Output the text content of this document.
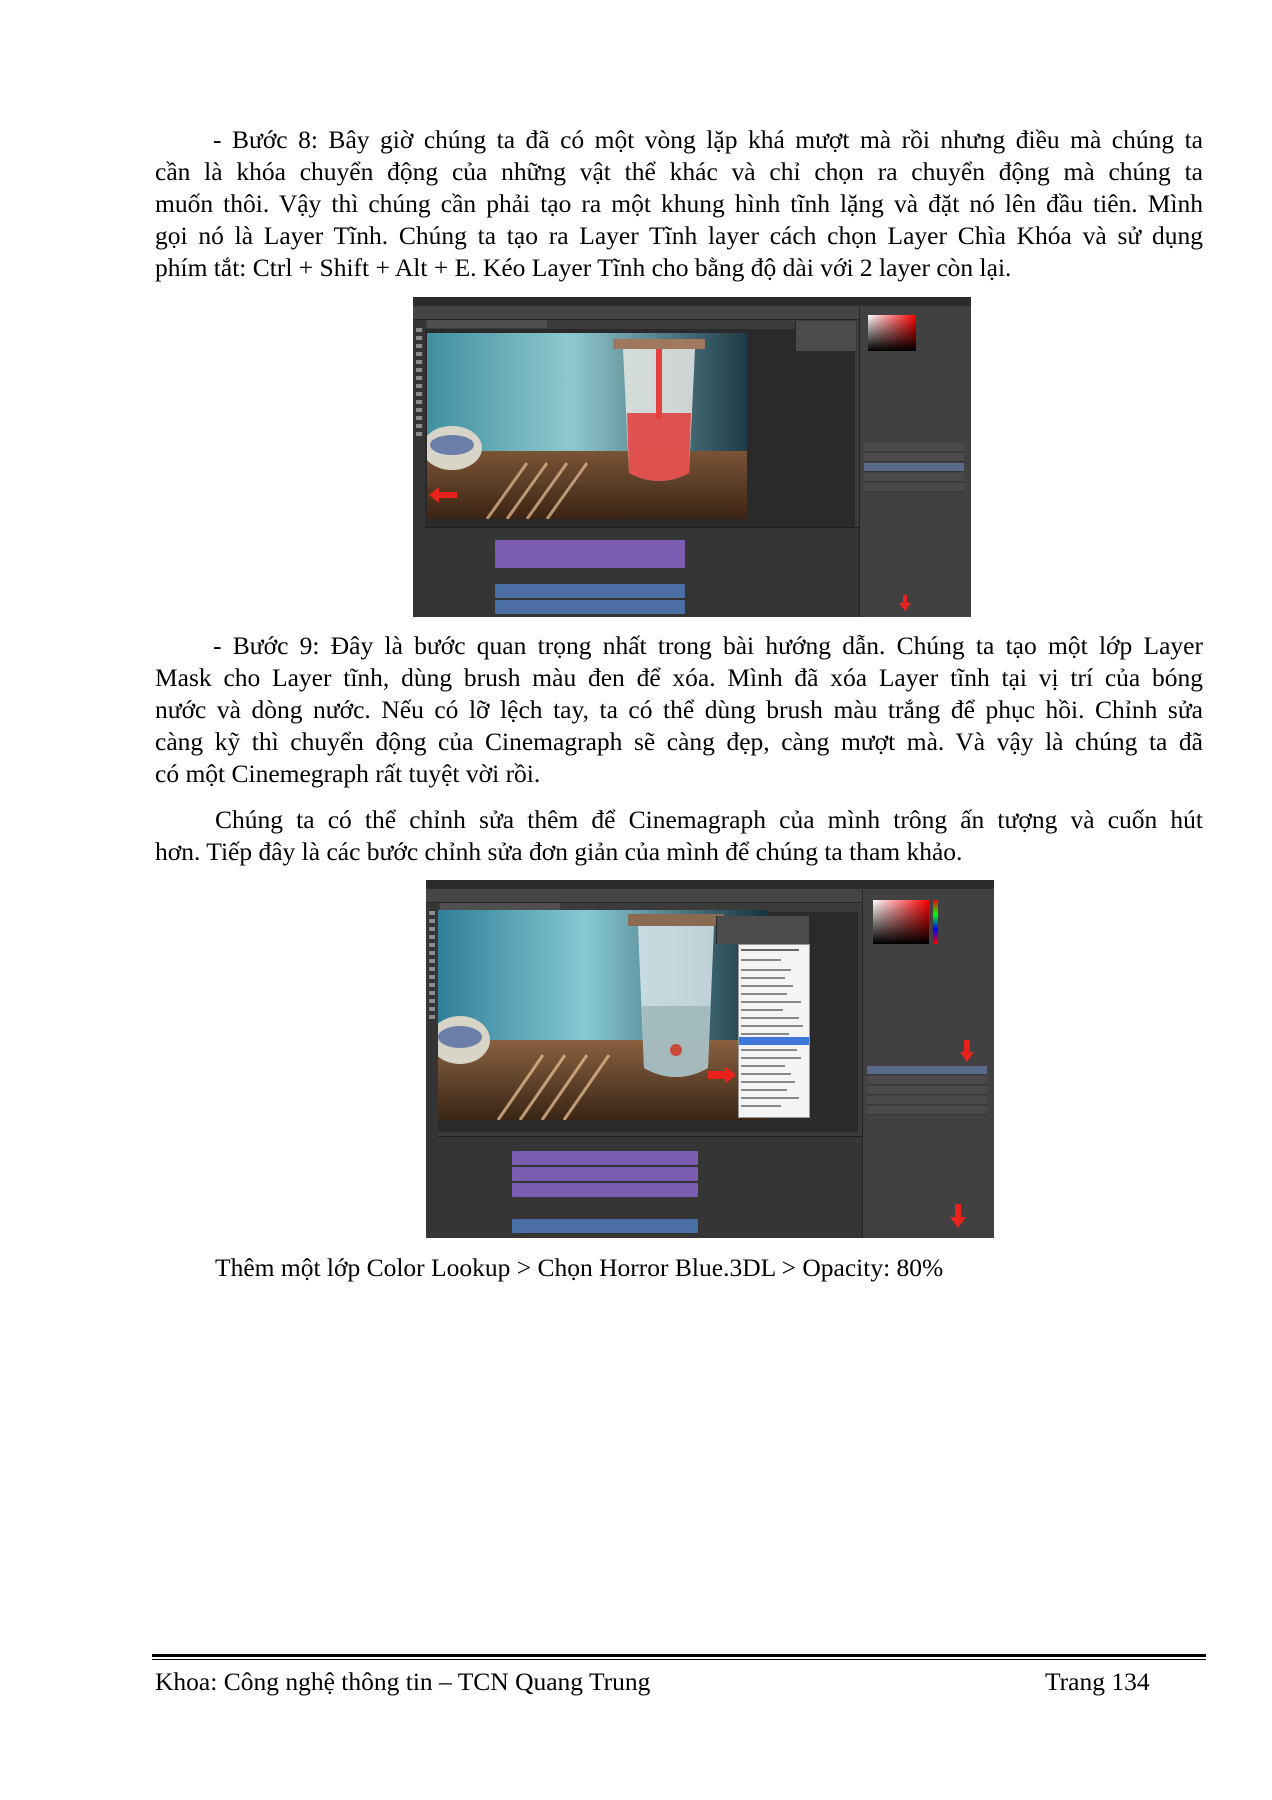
- Bước 8: Bây giờ chúng ta đã có một vòng lặp khá mượt mà rồi nhưng điều mà chúng ta
cần là khóa chuyển động của những vật thể khác và chỉ chọn ra chuyển động mà chúng ta
muốn thôi. Vậy thì chúng cần phải tạo ra một khung hình tĩnh lặng và đặt nó lên đầu tiên. Mình
gọi nó là Layer Tĩnh. Chúng ta tạo ra Layer Tĩnh layer cách chọn Layer Chìa Khóa và sử dụng
phím tắt: Ctrl + Shift + Alt + E. Kéo Layer Tĩnh cho bằng độ dài với 2 layer còn lại.
- Bước 9: Đây là bước quan trọng nhất trong bài hướng dẫn. Chúng ta tạo một lớp Layer
Mask cho Layer tĩnh, dùng brush màu đen để xóa. Mình đã xóa Layer tĩnh tại vị trí của bóng
nước và dòng nước. Nếu có lỡ lệch tay, ta có thể dùng brush màu trắng để phục hồi. Chỉnh sửa
càng kỹ thì chuyển động của Cinemagraph sẽ càng đẹp, càng mượt mà. Và vậy là chúng ta đã
có một Cinemegraph rất tuyệt vời rồi.
Chúng ta có thể chỉnh sửa thêm để Cinemagraph của mình trông ấn tượng và cuốn hút
hơn. Tiếp đây là các bước chỉnh sửa đơn giản của mình để chúng ta tham khảo.

Thêm một lớp Color Lookup > Chọn Horror Blue.3DL > Opacity: 80%

Khoa: Công nghệ thông tin – TCN Quang Trung	Trang 134
